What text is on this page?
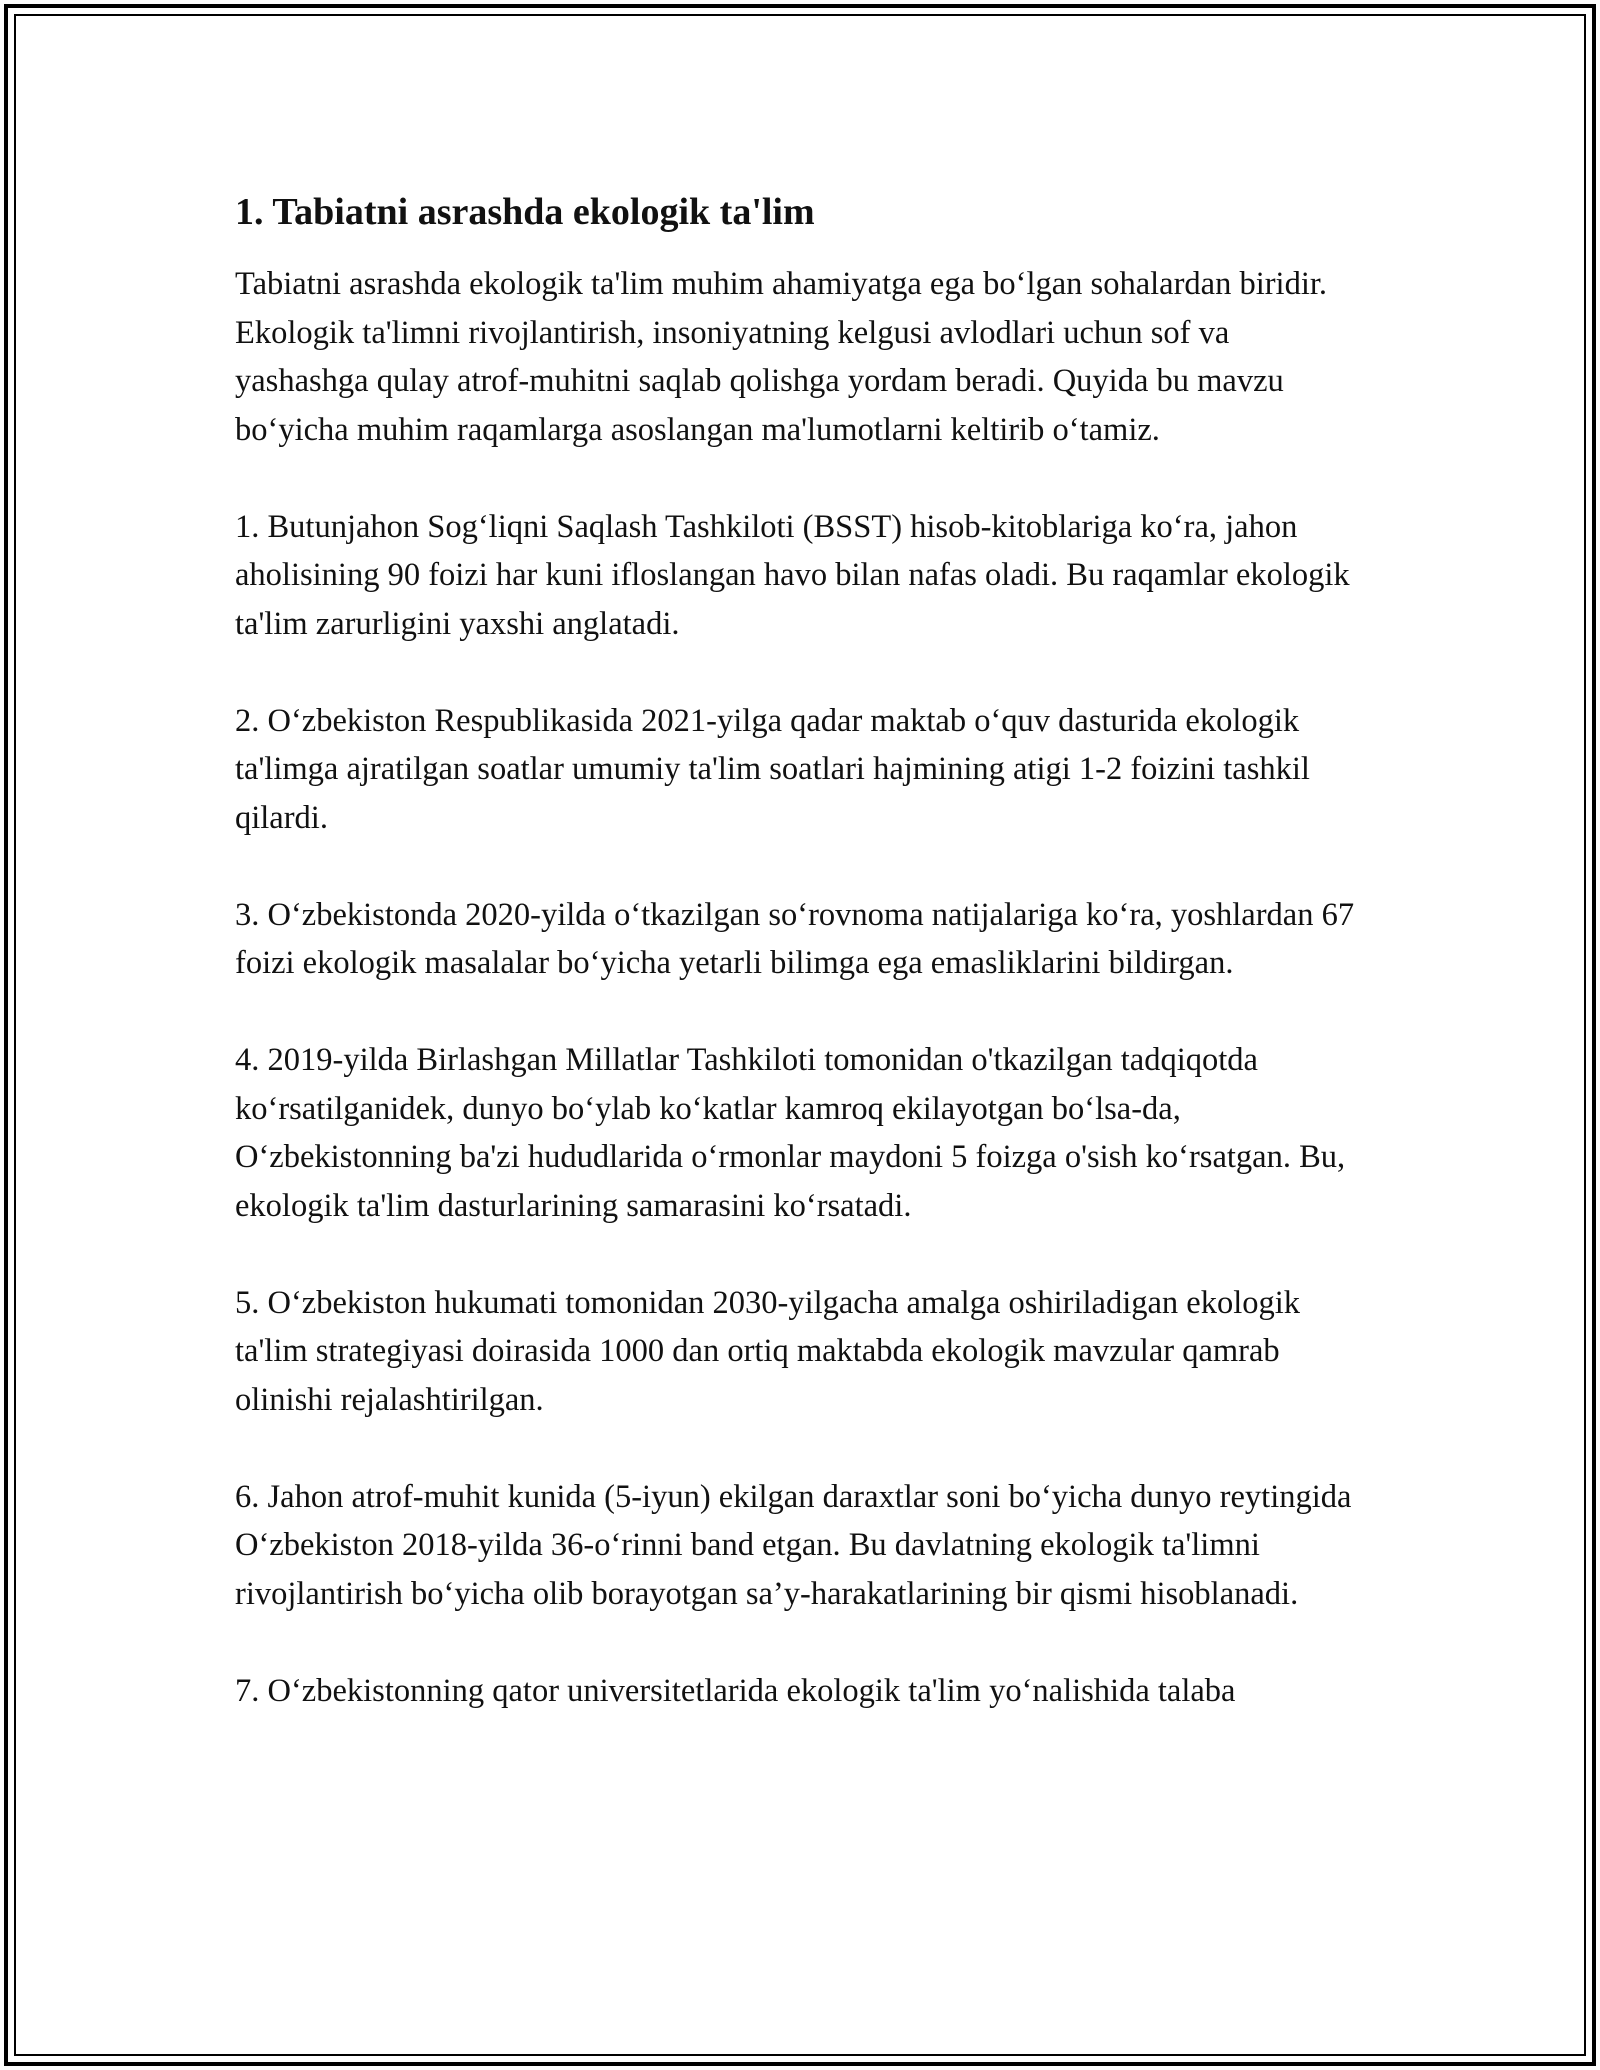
1. Tabiatni asrashda ekologik ta'lim

Tabiatni asrashda ekologik ta'lim muhim ahamiyatga ega bo‘lgan sohalardan biridir. Ekologik ta'limni rivojlantirish, insoniyatning kelgusi avlodlari uchun sof va yashashga qulay atrof-muhitni saqlab qolishga yordam beradi. Quyida bu mavzu bo‘yicha muhim raqamlarga asoslangan ma'lumotlarni keltirib o‘tamiz.

1. Butunjahon Sog‘liqni Saqlash Tashkiloti (BSST) hisob-kitoblariga ko‘ra, jahon aholisining 90 foizi har kuni ifloslangan havo bilan nafas oladi. Bu raqamlar ekologik ta'lim zarurligini yaxshi anglatadi.

2. O‘zbekiston Respublikasida 2021-yilga qadar maktab o‘quv dasturida ekologik ta'limga ajratilgan soatlar umumiy ta'lim soatlari hajmining atigi 1-2 foizini tashkil qilardi.

3. O‘zbekistonda 2020-yilda o‘tkazilgan so‘rovnoma natijalariga ko‘ra, yoshlardan 67 foizi ekologik masalalar bo‘yicha yetarli bilimga ega emasliklarini bildirgan.

4. 2019-yilda Birlashgan Millatlar Tashkiloti tomonidan o'tkazilgan tadqiqotda ko‘rsatilganidek, dunyo bo‘ylab ko‘katlar kamroq ekilayotgan bo‘lsa-da, O‘zbekistonning ba'zi hududlarida o‘rmonlar maydoni 5 foizga o'sish ko‘rsatgan. Bu, ekologik ta'lim dasturlarining samarasini ko‘rsatadi.

5. O‘zbekiston hukumati tomonidan 2030-yilgacha amalga oshiriladigan ekologik ta'lim strategiyasi doirasida 1000 dan ortiq maktabda ekologik mavzular qamrab olinishi rejalashtirilgan.

6. Jahon atrof-muhit kunida (5-iyun) ekilgan daraxtlar soni bo‘yicha dunyo reytingida O‘zbekiston 2018-yilda 36-o‘rinni band etgan. Bu davlatning ekologik ta'limni rivojlantirish bo‘yicha olib borayotgan sa’y-harakatlarining bir qismi hisoblanadi.

7. O‘zbekistonning qator universitetlarida ekologik ta'lim yo‘nalishida talaba
